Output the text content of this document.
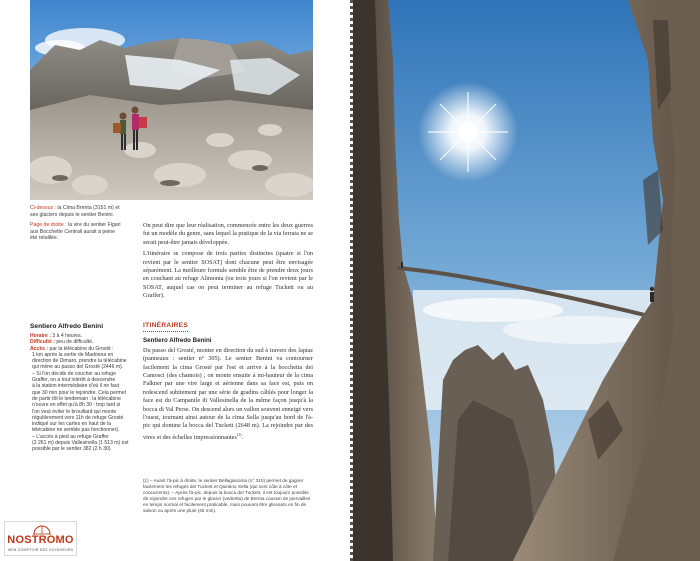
Ci-dessus : la Cima Brenta (3151 m) et ses glaciers depuis le sentier Benini.

Page de droite : la vire du sentier Figari aux Bocchette Centrali aurait à peine été retaillée.

On peut dire que leur réalisation, commencée entre les deux guerres fut un modèle du genre, sans lequel la pratique de la via ferrata ne se serait peut-être jamais développée.

L'itinéraire se compose de trois parties distinctes (quatre si l'on revient par le sentier SOSAT) dont chacune peut être envisagée séparément. La meilleure formule semble être de prendre deux jours en couchant au refuge Alimonta (ou trois jours si l'on revient par le SOSAT, auquel cas on peut terminer au refuge Tuckett ou au Graffer).

Sentiero Alfredo Benini
Horaire : 3 à 4 heures.
Difficulté : peu de difficulté.
Accès : par la télécabine du Grosté :
1 km après la sortie de Madonna en
direction de Dimaro, prendre la télécabine
qui mène au passo del Grosté (2446 m).
– Si l'on décide de coucher au refuge
Graffer, on a tout intérêt à descendre
à la station intermédiaire d'où il ne faut
que 30 min pour le rejoindre. Cela permet
de partir tôt le lendemain : la télécabine
n'ouvre en effet qu'à 8h 30 : trop tard si
l'on veut éviter le brouillard qui monte
régulièrement vers 11h de refuge Grosté
indiqué sur les cartes en haut de la
télécabine ne semble pas fonctionner).
– L'accès à pied au refuge Graffer
(2 261 m) depuis Vallesinella (1 513 m) est
possible par le sentier 382 (2 h 30).
ITINÉRAIRES
Sentiero Alfredo Benini

Du passo del Grosté, monter en direction du sud à travers des lapiaz (panneaux : sentier n° 305). Le sentier Benini va contourner facilement la cima Grosté par l'est et arrive à la bocchetta dei Camosci (des chamois) ; on monte ensuite à mi-hauteur de la cima Falkner par une vire large et aérienne dans sa face est, puis on redescend subitement par une série de gradins câblés pour longer la face est du Campanile di Vallesinella de la même façon jusqu'à la bocca di Val Perse. On descend alors un vallon souvent enneigé vers l'ouest, tournant ainsi autour de la cima Sella jusqu'au bord de l'à-pic qui domine la bocca del Tuckett (2648 m). La rejoindre par des vires et des échelles impressionnantes$^{(1)}$.

(1) – Avant l'à-pic à droite, le sentier Bellagiasoma (n° 310) permet de gagner facilement les refuges del Tuckett et Quintino Sella (qui sont côte à côte et concurrents). – Après l'à-pic, depuis la bocca del Tuckett, il est toujours possible de rejoindre ces refuges par le glacier (vedretta) de Brenta coussin de piervailles en temps normal et facilement praticable, mais pouvant être glissants en fin de saison ou après une pluie (45 min).
NOSTROMO
WEB COMPTOIR DES VOYAGEURS
